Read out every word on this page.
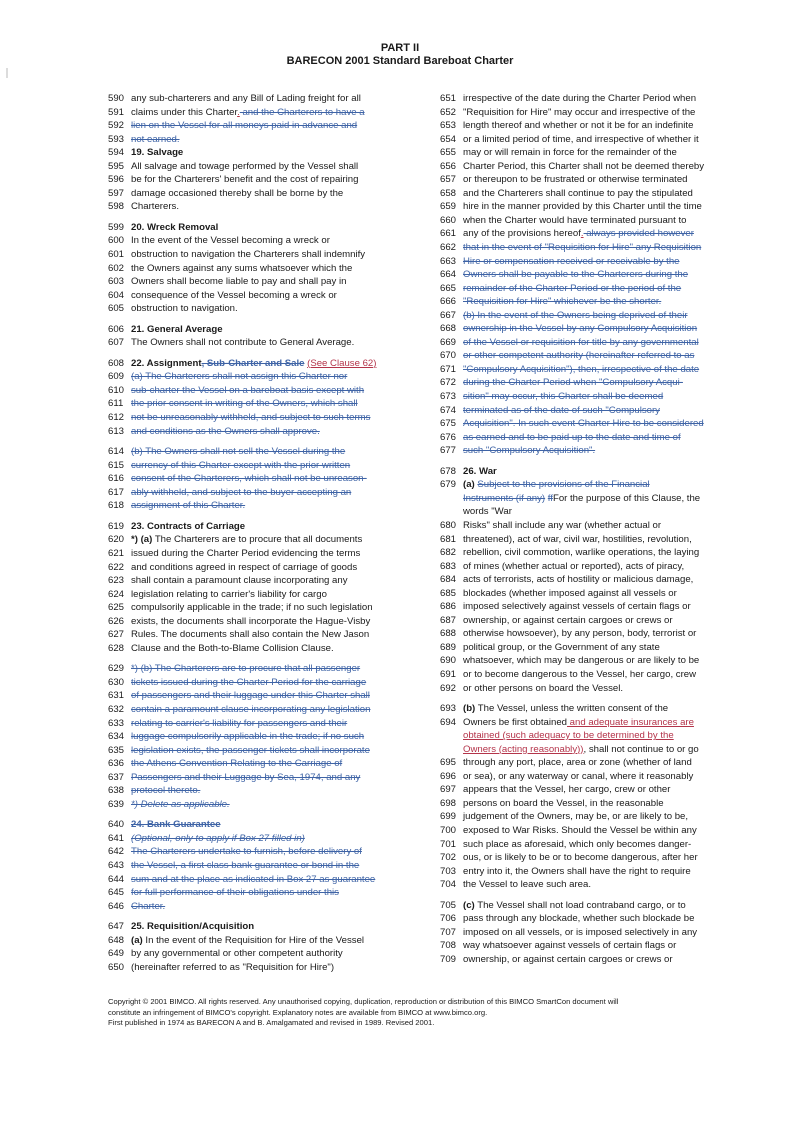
PART II
BARECON 2001 Standard Bareboat Charter
590 any sub-charterers and any Bill of Lading freight for all
591 claims under this Charter. and the Charterers to have a
592 lien on the Vessel for all moneys paid in advance and
593 not earned.
594 19. Salvage
595 All salvage and towage performed by the Vessel shall
596 be for the Charterers' benefit and the cost of repairing
597 damage occasioned thereby shall be borne by the
598 Charterers.
599 20. Wreck Removal
600 In the event of the Vessel becoming a wreck or
601 obstruction to navigation the Charterers shall indemnify
602 the Owners against any sums whatsoever which the
603 Owners shall become liable to pay and shall pay in
604 consequence of the Vessel becoming a wreck or
605 obstruction to navigation.
606 21. General Average
607 The Owners shall not contribute to General Average.
608 22. Assignment, Sub-Charter and Sale (See Clause 62)
609 (a) The Charterers shall not assign this Charter nor
610 sub-charter the Vessel on a bareboat basis except with
611 the prior consent in writing of the Owners, which shall
612 not be unreasonably withheld, and subject to such terms
613 and conditions as the Owners shall approve.
614 (b) The Owners shall not sell the Vessel during the
615 currency of this Charter except with the prior written
616 consent of the Charterers, which shall not be unreason-
617 ably withheld, and subject to the buyer accepting an
618 assignment of this Charter.
619 23. Contracts of Carriage
620 *) (a) The Charterers are to procure that all documents
621 issued during the Charter Period evidencing the terms
622 and conditions agreed in respect of carriage of goods
623 shall contain a paramount clause incorporating any
624 legislation relating to carrier's liability for cargo
625 compulsorily applicable in the trade; if no such legislation
626 exists, the documents shall incorporate the Hague-Visby
627 Rules. The documents shall also contain the New Jason
628 Clause and the Both-to-Blame Collision Clause.
629 *) (b) The Charterers are to procure that all passenger
630 tickets issued during the Charter Period for the carriage
631 of passengers and their luggage under this Charter shall
632 contain a paramount clause incorporating any legislation
633 relating to carrier's liability for passengers and their
634 luggage compulsorily applicable in the trade; if no such
635 legislation exists, the passenger tickets shall incorporate
636 the Athens Convention Relating to the Carriage of
637 Passengers and their Luggage by Sea, 1974, and any
638 protocol thereto.
639 *) Delete as applicable.
640 24. Bank Guarantee
641 (Optional, only to apply if Box 27 filled in)
642 The Charterers undertake to furnish, before delivery of
643 the Vessel, a first class bank guarantee or bond in the
644 sum and at the place as indicated in Box 27 as guarantee
645 for full performance of their obligations under this
646 Charter.
647 25. Requisition/Acquisition
648 (a) In the event of the Requisition for Hire of the Vessel
649 by any governmental or other competent authority
650 (hereinafter referred to as "Requisition for Hire")
651 irrespective of the date during the Charter Period when
652 "Requisition for Hire" may occur and irrespective of the
653 length thereof and whether or not it be for an indefinite
654 or a limited period of time, and irrespective of whether it
655 may or will remain in force for the remainder of the
656 Charter Period, this Charter shall not be deemed thereby
657 or thereupon to be frustrated or otherwise terminated
658 and the Charterers shall continue to pay the stipulated
659 hire in the manner provided by this Charter until the time
660 when the Charter would have terminated pursuant to
661 any of the provisions hereof. always provided however
662 that in the event of "Requisition for Hire" any Requisition
663 Hire or compensation received or receivable by the
664 Owners shall be payable to the Charterers during the
665 remainder of the Charter Period or the period of the
666 "Requisition for Hire" whichever be the shorter.
667 (b) In the event of the Owners being deprived of their
668 ownership in the Vessel by any Compulsory Acquisition
669 of the Vessel or requisition for title by any governmental
670 or other competent authority (hereinafter referred to as
671 "Compulsory Acquisition"), then, irrespective of the date
672 during the Charter Period when "Compulsory Acqui-
673 sition" may occur, this Charter shall be deemed
674 terminated as of the date of such "Compulsory
675 Acquisition". In such event Charter Hire to be considered
676 as earned and to be paid up to the date and time of
677 such "Compulsory Acquisition".
678 26. War
679 (a) Subject to the provisions of the Financial
Instruments (if any) ffFor the purpose of this Clause, the
words "War
680 Risks" shall include any war (whether actual or
681 threatened), act of war, civil war, hostilities, revolution,
682 rebellion, civil commotion, warlike operations, the laying
683 of mines (whether actual or reported), acts of piracy,
684 acts of terrorists, acts of hostility or malicious damage,
685 blockades (whether imposed against all vessels or
686 imposed selectively against vessels of certain flags or
687 ownership, or against certain cargoes or crews or
688 otherwise howsoever), by any person, body, terrorist or
689 political group, or the Government of any state
690 whatsoever, which may be dangerous or are likely to be
691 or to become dangerous to the Vessel, her cargo, crew
692 or other persons on board the Vessel.
693 (b) The Vessel, unless the written consent of the
694 Owners be first obtained and adequate insurances are
obtained (such adequacy to be determined by the
Owners (acting reasonably)), shall not continue to or go
695 through any port, place, area or zone (whether of land
696 or sea), or any waterway or canal, where it reasonably
697 appears that the Vessel, her cargo, crew or other
698 persons on board the Vessel, in the reasonable
699 judgement of the Owners, may be, or are likely to be,
700 exposed to War Risks. Should the Vessel be within any
701 such place as aforesaid, which only becomes danger-
702 ous, or is likely to be or to become dangerous, after her
703 entry into it, the Owners shall have the right to require
704 the Vessel to leave such area.
705 (c) The Vessel shall not load contraband cargo, or to
706 pass through any blockade, whether such blockade be
707 imposed on all vessels, or is imposed selectively in any
708 way whatsoever against vessels of certain flags or
709 ownership, or against certain cargoes or crews or
Copyright © 2001 BIMCO. All rights reserved. Any unauthorised copying, duplication, reproduction or distribution of this BIMCO SmartCon document will
constitute an infringement of BIMCO's copyright. Explanatory notes are available from BIMCO at www.bimco.org.
First published in 1974 as BARECON A and B. Amalgamated and revised in 1989. Revised 2001.
